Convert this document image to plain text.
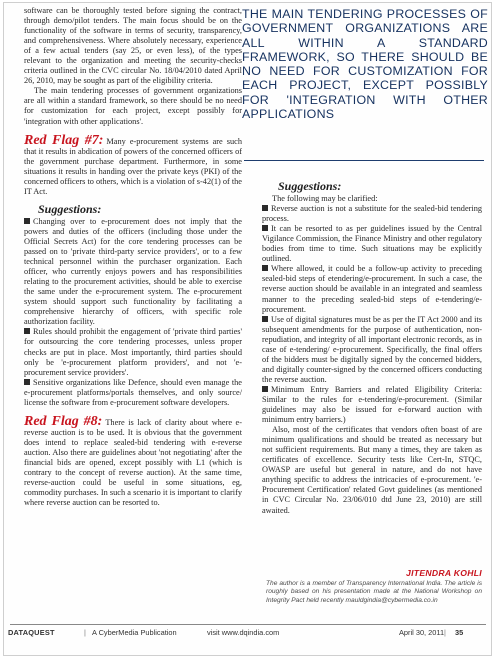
software can be thoroughly tested before signing the contract, through demo/pilot tenders. The main focus should be on the functionality of the software in terms of security, transparency, and comprehensiveness. Where absolutely necessary, experience of a few actual tenders (say 25, or even less), of the types relevant to the organization and meeting the security-checks criteria outlined in the CVC circular No. 18/04/2010 dated April 26, 2010, may be sought as part of the eligibility criteria.
The main tendering processes of government organizations are all within a standard framework, so there should be no need for customization for each project, except possibly for 'integration with other applications'.
Red Flag #7: Many e-procurement systems are such that it results in abdication of powers of the concerned officers of the government purchase department. Furthermore, in some situations it results in handing over the private keys (PKI) of the concerned officers to others, which is a violation of s-42(1) of the IT Act.
Suggestions:
Changing over to e-procurement does not imply that the powers and duties of the officers (including those under the Official Secrets Act) for the core tendering processes can be passed on to 'private third-party service providers', or to a few technical personnel within the purchaser organization. Each officer, who currently enjoys powers and has responsibilities relating to the procurement activities, should be able to exercise the same under the e-procurement system. The e-procurement system should support such functionality by facilitating a comprehensive hierarchy of officers, with specific role authorization facility.
Rules should prohibit the engagement of 'private third parties' for outsourcing the core tendering processes, unless proper checks are put in place. Most importantly, third parties should only be 'e-procurement platform providers', and not 'e-procurement service providers'.
Sensitive organizations like Defence, should even manage the e-procurement platforms/portals themselves, and only source/ license the software from e-procurement software developers.
Red Flag #8: There is lack of clarity about where e-reverse auction is to be used. It is obvious that the government does intend to replace sealed-bid tendering with e-reverse auction. Also there are guidelines about 'not negotiating' after the financial bids are opened, except possibly with L1 (which is contrary to the concept of reverse auction). At the same time, reverse-auction could be useful in some situations, eg, commodity purchases. In such a scenario it is important to clarify where reverse auction can be resorted to.
THE MAIN TENDERING PROCESSES OF GOVERNMENT ORGANIZATIONS ARE ALL WITHIN A STANDARD FRAMEWORK, SO THERE SHOULD BE NO NEED FOR CUSTOMIZATION FOR EACH PROJECT, EXCEPT POSSIBLY FOR 'INTEGRATION WITH OTHER APPLICATIONS
Suggestions:
The following may be clarified:
Reverse auction is not a substitute for the sealed-bid tendering process.
It can be resorted to as per guidelines issued by the Central Vigilance Commission, the Finance Ministry and other regulatory bodies from time to time. Such situations may be explicitly outlined.
Where allowed, it could be a follow-up activity to preceding sealed-bid steps of etendering/e-procurement. In such a case, the reverse auction should be available in an integrated and seamless manner to the preceding sealed-bid steps of e-tendering/e-procurement.
Use of digital signatures must be as per the IT Act 2000 and its subsequent amendments for the purpose of authentication, non-repudiation, and integrity of all important electronic records, as in case of e-tendering/ e-procurement. Specifically, the final offers of the bidders must be digitally signed by the concerned bidders, and digitally counter-signed by the concerned officers conducting the reverse auction.
Minimum Entry Barriers and related Eligibility Criteria: Similar to the rules for e-tendering/e-procurement. (Similar guidelines may also be issued for e-forward auction with minimum entry barriers.)
Also, most of the certificates that vendors often boast of are minimum qualifications and should be treated as necessary but not sufficient requirements. But many a times, they are taken as certificates of excellence. Security tests like Cert-In, STQC, OWASP are useful but general in nature, and do not have anything specific to address the intricacies of e-procurement. 'e-Procurement Certification' related Govt guidelines (as mentioned in CVC Circular No. 23/06/010 dtd June 23, 2010) are still awaited.
JITENDRA KOHLI
The author is a member of Transparency International India. The article is roughly based on his presentation made at the National Workshop on Integrity Pact held recently mauldgindia@cybermedia.co.in
DATAQUEST	| A CyberMedia Publication	visit www.dqindia.com	April 30, 2011 | 35
